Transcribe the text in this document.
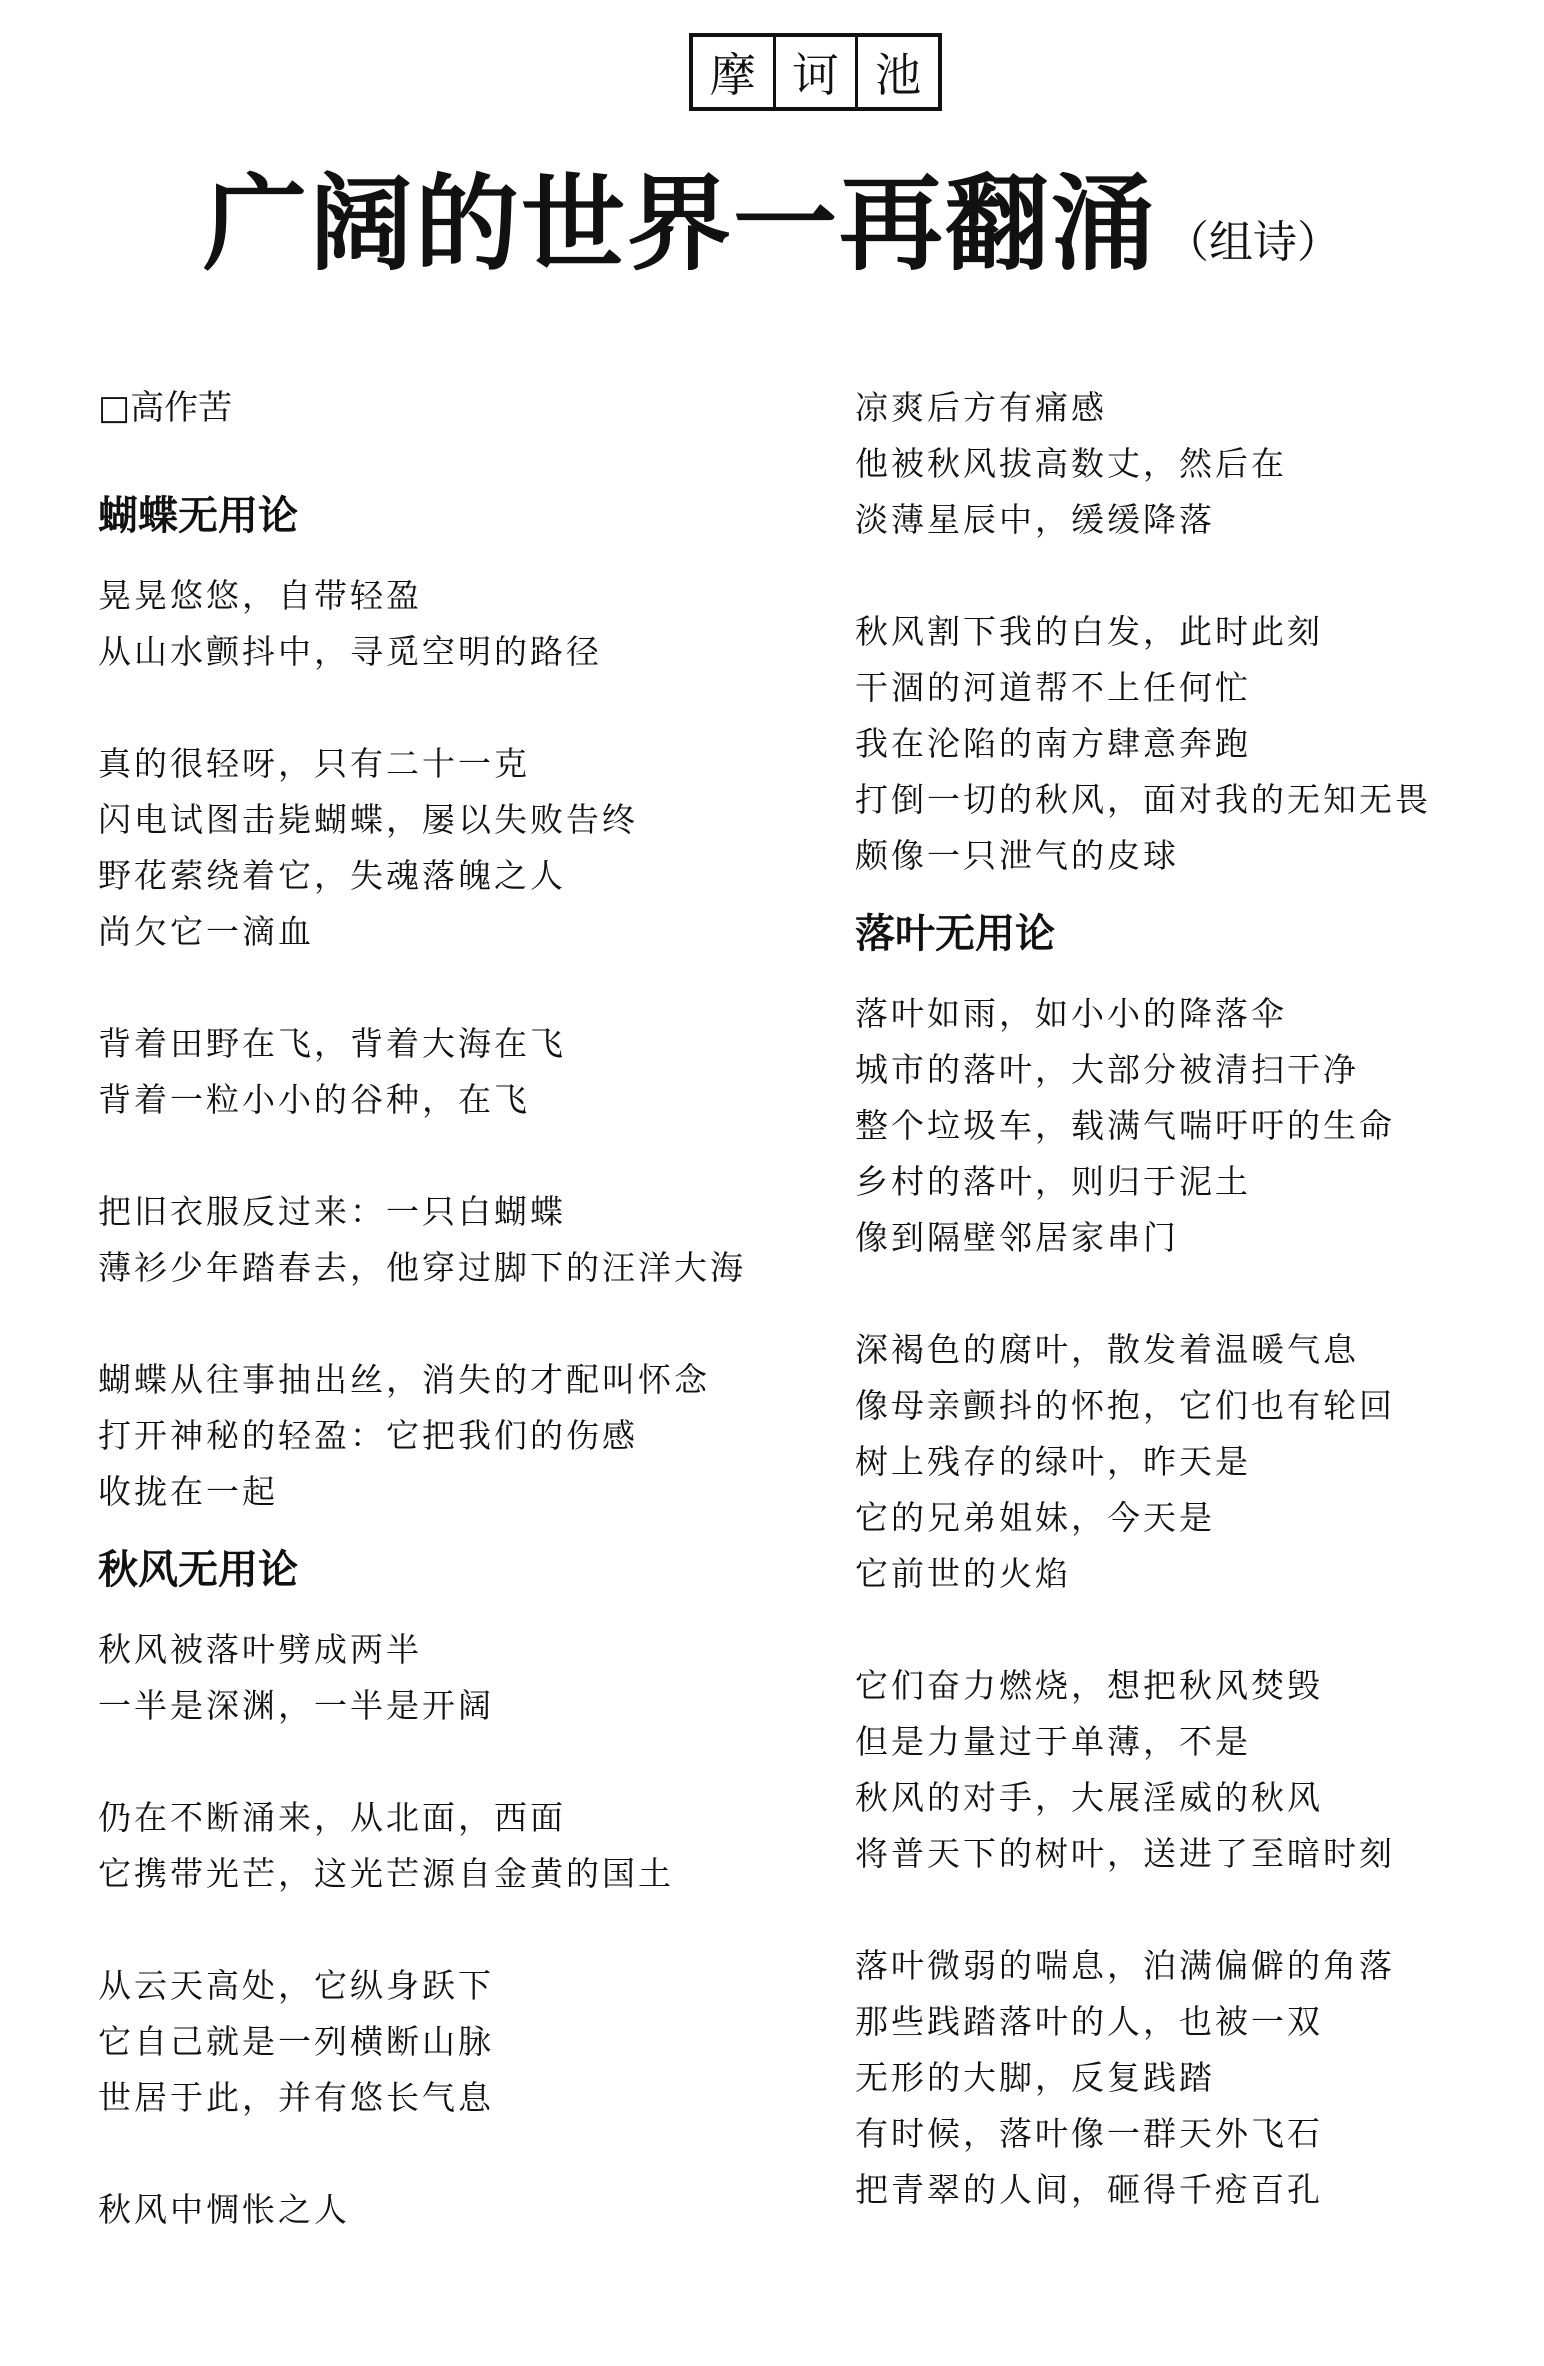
摩 诃 池
广阔的世界一再翻涌 （组诗）
□高作苦
蝴蝶无用论
晃晃悠悠，自带轻盈
从山水颤抖中，寻觅空明的路径
真的很轻呀，只有二十一克
闪电试图击毙蝴蝶，屡以失败告终
野花萦绕着它，失魂落魄之人
尚欠它一滴血
背着田野在飞，背着大海在飞
背着一粒小小的谷种，在飞
把旧衣服反过来：一只白蝴蝶
薄衫少年踏春去，他穿过脚下的汪洋大海
蝴蝶从往事抽出丝，消失的才配叫怀念
打开神秘的轻盈：它把我们的伤感
收拢在一起
秋风无用论
秋风被落叶劈成两半
一半是深渊，一半是开阔
仍在不断涌来，从北面，西面
它携带光芒，这光芒源自金黄的国土
从云天高处，它纵身跃下
它自己就是一列横断山脉
世居于此，并有悠长气息
秋风中惆怅之人
凉爽后方有痛感
他被秋风拔高数丈，然后在
淡薄星辰中，缓缓降落
秋风割下我的白发，此时此刻
干涸的河道帮不上任何忙
我在沦陷的南方肆意奔跑
打倒一切的秋风，面对我的无知无畏
颇像一只泄气的皮球
落叶无用论
落叶如雨，如小小的降落伞
城市的落叶，大部分被清扫干净
整个垃圾车，载满气喘吁吁的生命
乡村的落叶，则归于泥土
像到隔壁邻居家串门
深褐色的腐叶，散发着温暖气息
像母亲颤抖的怀抱，它们也有轮回
树上残存的绿叶，昨天是
它的兄弟姐妹，今天是
它前世的火焰
它们奋力燃烧，想把秋风焚毁
但是力量过于单薄，不是
秋风的对手，大展淫威的秋风
将普天下的树叶，送进了至暗时刻
落叶微弱的喘息，泊满偏僻的角落
那些践踏落叶的人，也被一双
无形的大脚，反复践踏
有时候，落叶像一群天外飞石
把青翠的人间，砸得千疮百孔
